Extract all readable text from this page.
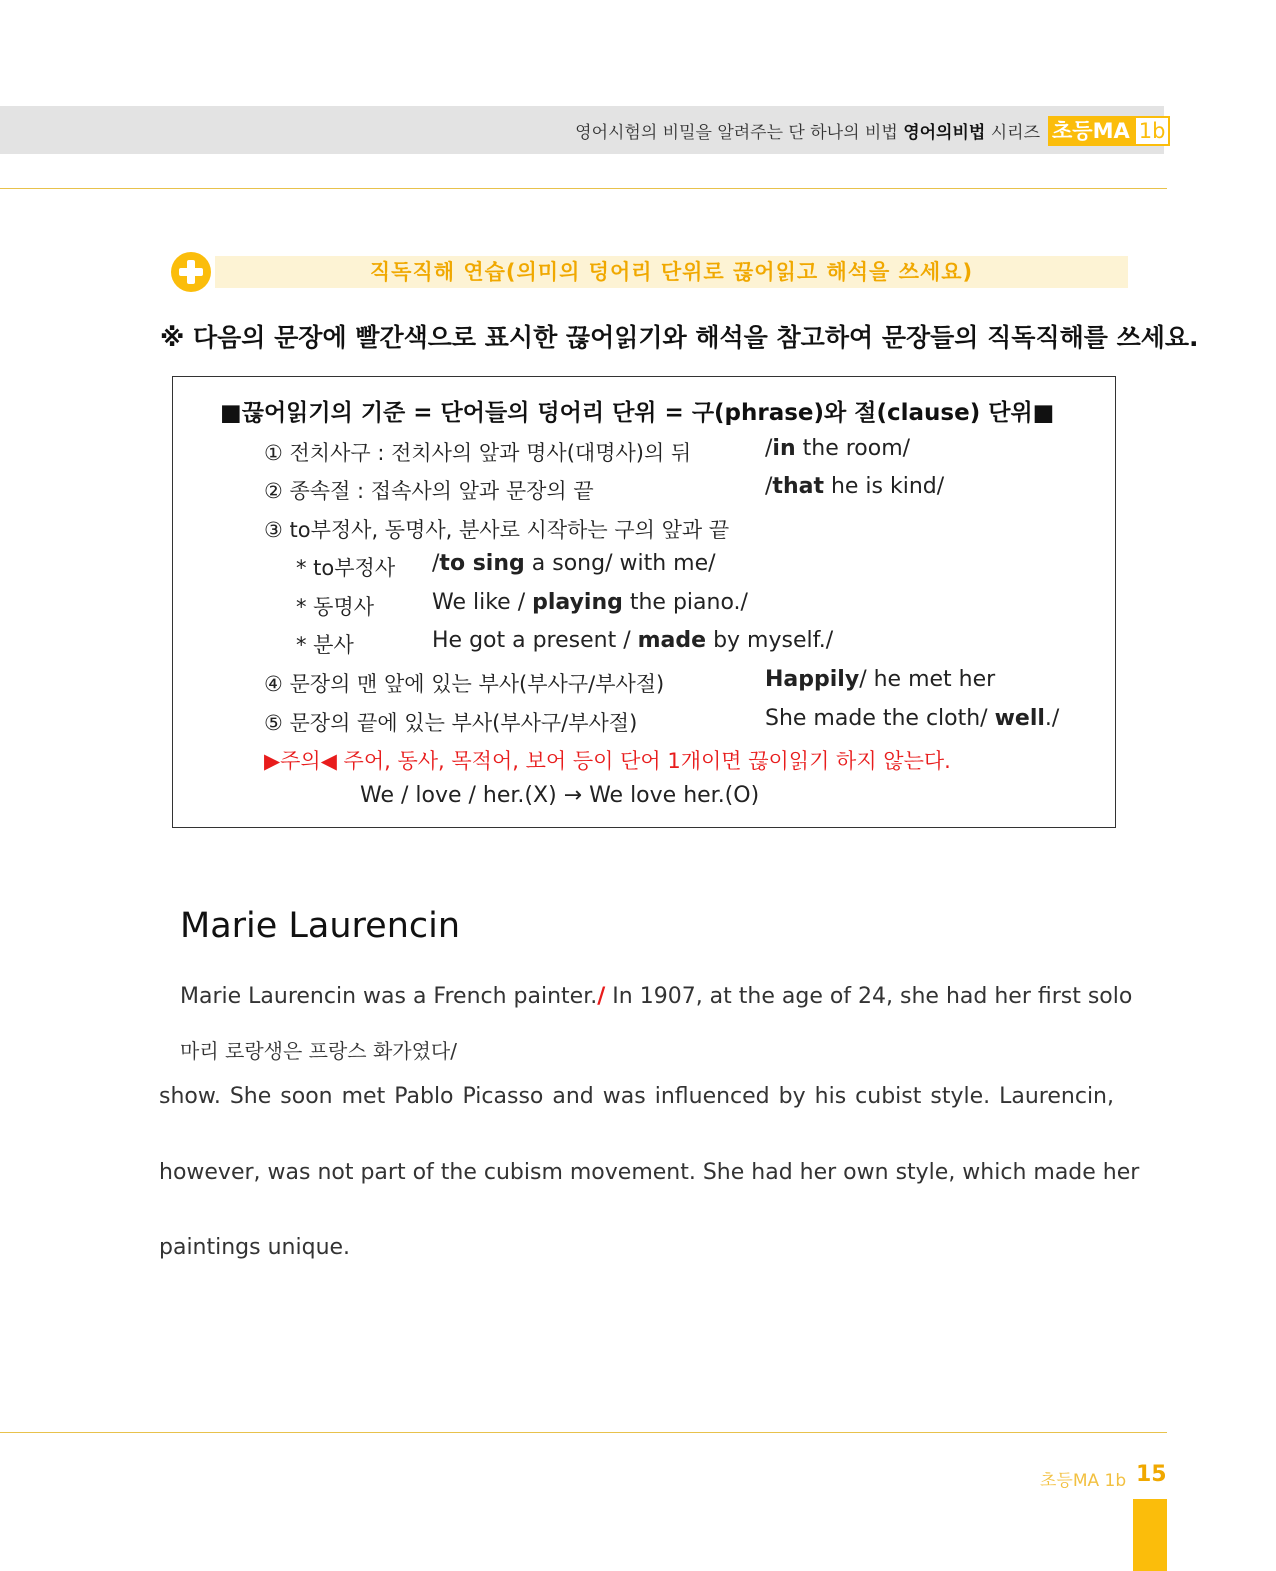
영어시험의 비밀을 알려주는 단 하나의 비법 영어의비법 시리즈 초등MA 1b
직독직해 연습(의미의 덩어리 단위로 끊어읽고 해석을 쓰세요)
※ 다음의 문장에 빨간색으로 표시한 끊어읽기와 해석을 참고하여 문장들의 직독직해를 쓰세요.
■끊어읽기의 기준 = 단어들의 덩어리 단위 = 구(phrase)와 절(clause) 단위■
① 전치사구 : 전치사의 앞과 명사(대명사)의 뒤	/in the room/
② 종속절 : 접속사의 앞과 문장의 끝	/that he is kind/
③ to부정사, 동명사, 분사로 시작하는 구의 앞과 끝
* to부정사 /to sing a song/ with me/
* 동명사	We like / playing the piano./
* 분사	He got a present / made by myself./
④ 문장의 맨 앞에 있는 부사(부사구/부사절)	Happily/ he met her
⑤ 문장의 끝에 있는 부사(부사구/부사절)	She made the cloth/ well./
▶주의◀ 주어, 동사, 목적어, 보어 등이 단어 1개이면 끊이읽기 하지 않는다.
We / love / her.(X) → We love her.(O)
Marie Laurencin
Marie Laurencin was a French painter./ In 1907, at the age of 24, she had her first solo
마리 로랑생은 프랑스 화가였다/
show. She soon met Pablo Picasso and was influenced by his cubist style. Laurencin,
however, was not part of the cubism movement. She had her own style, which made her
paintings unique.
초등MA 1b 15
